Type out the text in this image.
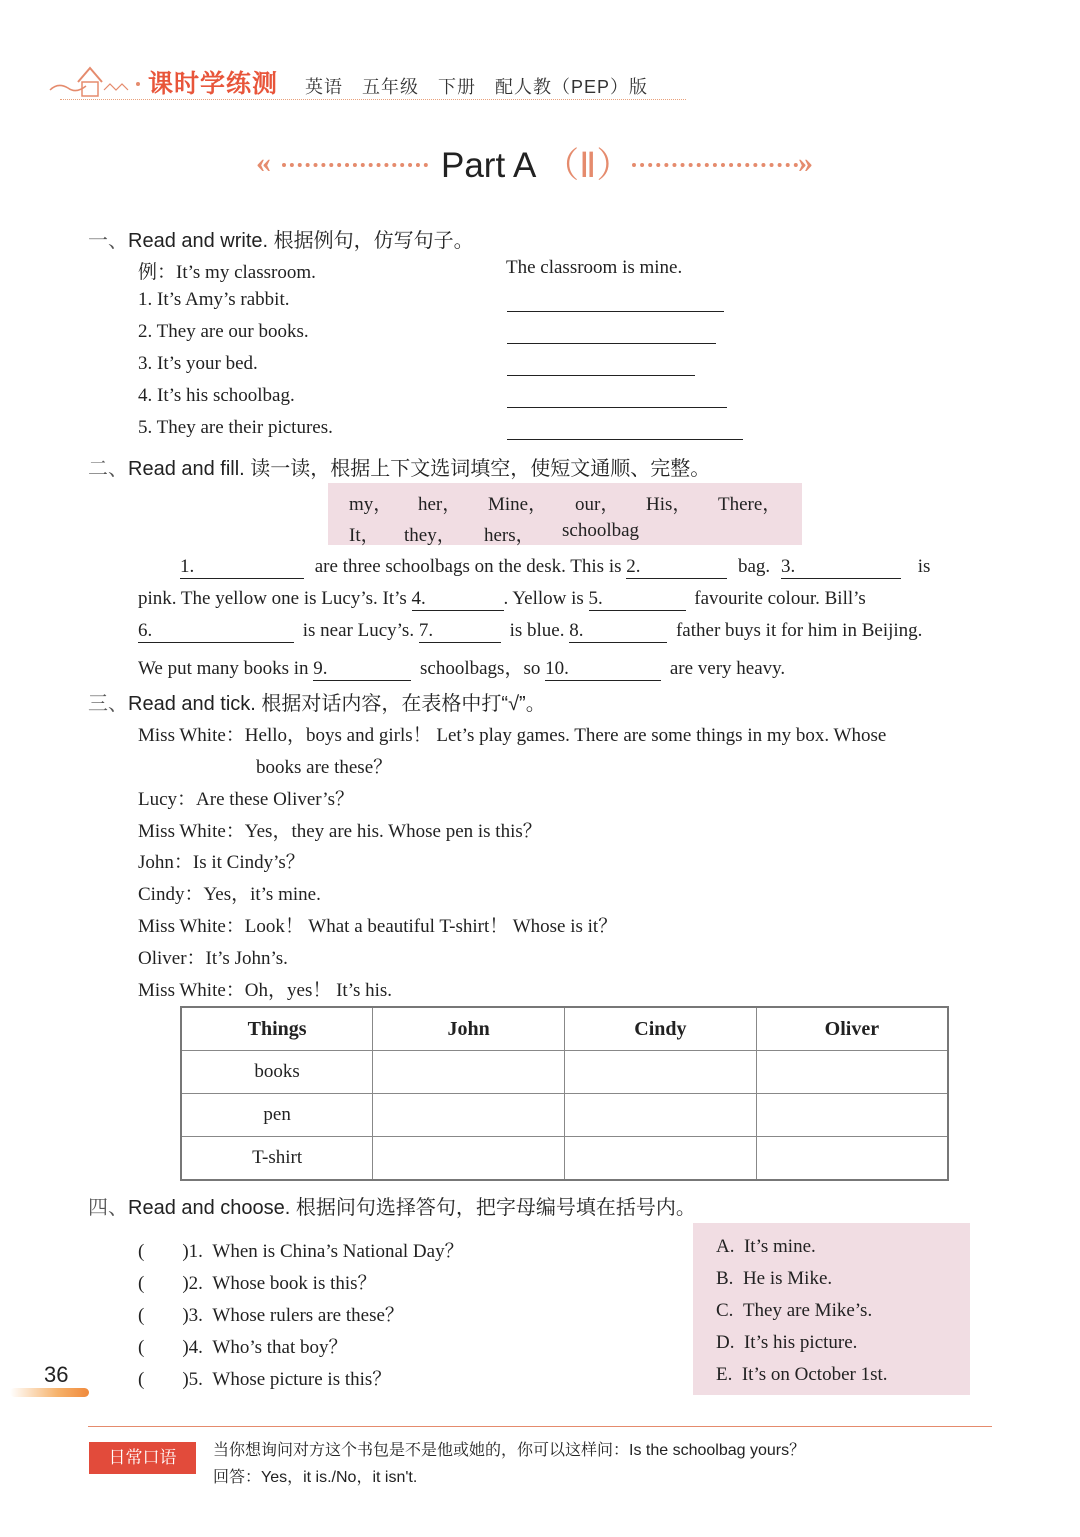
课时学练测 英语　五年级　下册　配人教（PEP）版
«	Part A （Ⅱ）	»
一、Read and write. 根据例句，仿写句子。
例：It’s my classroom.	The classroom is mine.
1. It’s Amy’s rabbit.
2. They are our books.
3. It’s your bed.
4. It’s his schoolbag.
5. They are their pictures.
二、Read and fill. 读一读，根据上下文选词填空，使短文通顺、完整。
my， her， Mine， our， His， There，
It， they， hers， schoolbag
1.	are three schoolbags on the desk. This is 2.	bag. 3.	is
pink. The yellow one is Lucy’s. It’s 4.	. Yellow is 5.	favourite colour. Bill’s
6.	is near Lucy’s. 7.	is blue. 8.	father buys it for him in Beijing.
We put many books in 9.	schoolbags，so 10.	are very heavy.
三、Read and tick. 根据对话内容，在表格中打“√”。
Miss White：Hello，boys and girls！ Let’s play games. There are some things in my box. Whose
books are these？
Lucy：Are these Oliver’s？
Miss White：Yes，they are his. Whose pen is this？
John：Is it Cindy’s？
Cindy：Yes，it’s mine.
Miss White：Look！ What a beautiful T-shirt！ Whose is it？
Oliver：It’s John’s.
Miss White：Oh，yes！ It’s his.
Things	John	Cindy	Oliver
books			
pen			
T-shirt			
四、Read and choose. 根据问句选择答句，把字母编号填在括号内。
(　　)1. When is China’s National Day？
(　　)2. Whose book is this？
(　　)3. Whose rulers are these？
(　　)4. Who’s that boy？
(　　)5. Whose picture is this？
A. It’s mine.
B. He is Mike.
C. They are Mike’s.
D. It’s his picture.
E. It’s on October 1st.
36
日常口语	当你想询问对方这个书包是不是他或她的，你可以这样问：Is the schoolbag yours？
回答：Yes，it is./No，it isn't.
